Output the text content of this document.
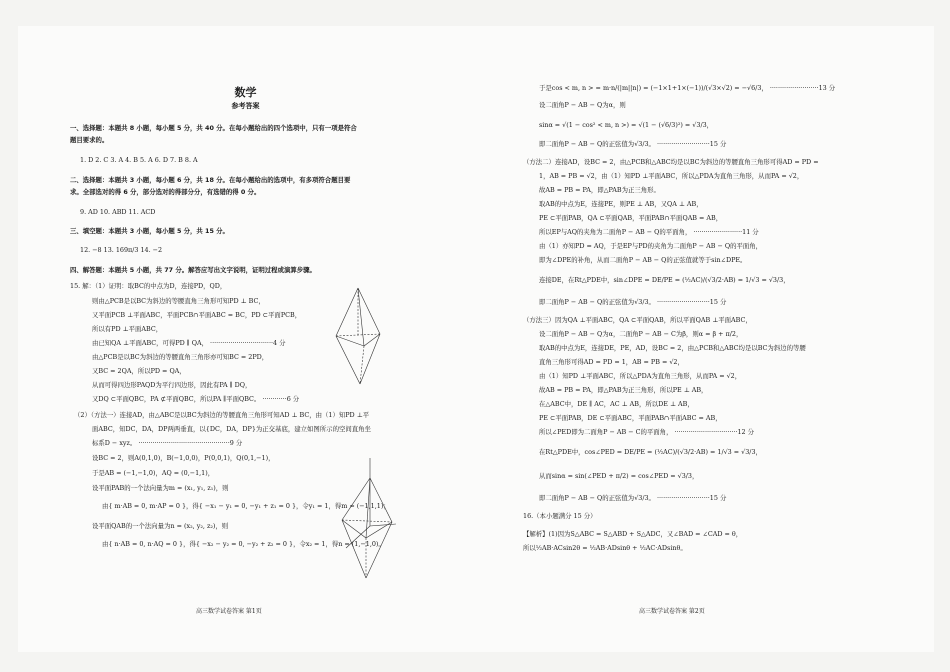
数学
参考答案
一、选择题：本题共 8 小题，每小题 5 分，共 40 分。在每小题给出的四个选项中，只有一项是符合
题目要求的。
1. D 2. C 3. A 4. B 5. A 6. D 7. B 8. A
二、选择题：本题共 3 小题，每小题 6 分，共 18 分。在每小题给出的选项中，有多项符合题目要
求。全部选对的得 6 分，部分选对的得部分分，有选错的得 0 分。
9. AD 10. ABD 11. ACD
三、填空题：本题共 3 小题，每小题 5 分，共 15 分。
12. −8 13. 169π/3 14. −2
四、解答题：本题共 5 小题，共 77 分。解答应写出文字说明，证明过程或演算步骤。
15. 解：（1）证明：取BC的中点为D，连接PD，QD，
则由△PCB是以BC为斜边的等腰直角三角形可知PD ⊥ BC，
又平面PCB ⊥平面ABC，平面PCB∩平面ABC = BC，PD ⊂平面PCB，
所以有PD ⊥平面ABC，
由已知QA ⊥平面ABC，可得PD ∥ QA， ·······························4 分
由△PCB是以BC为斜边的等腰直角三角形亦可知BC = 2PD，
又BC = 2QA，所以PD = QA，
从而可得四边形PAQD为平行四边形，因此有PA ∥ DQ，
又DQ ⊂平面QBC，PA ⊄平面QBC，所以PA ∥平面QBC。 ············6 分
（2）（方法一）连接AD，由△ABC是以BC为斜边的等腰直角三角形可知AD ⊥ BC，由（1）知PD ⊥平
面ABC，知DC，DA，DP两两垂直，以{DC，DA，DP}为正交基底，建立如图所示的空间直角坐
标系D − xyz。 ·············································9 分
设BC = 2，则A(0,1,0)，B(−1,0,0)，P(0,0,1)，Q(0,1,−1)，
于是AB = (−1,−1,0)，AQ = (0,−1,1)，
设平面PAB的一个法向量为m = (x₁, y₁, z₁)，则
由{ m·AB = 0, m·AP = 0 }，得{ −x₁ − y₁ = 0, −y₁ + z₁ = 0 }，令y₁ = 1，得m = (−1,1,1)；
设平面QAB的一个法向量为n = (x₂, y₂, z₂)，则
由{ n·AB = 0, n·AQ = 0 }，得{ −x₂ − y₂ = 0, −y₂ + z₂ = 0 }，令x₂ = 1，得n = (1,−1,0)。
高三数学试卷答案 第1页
于是cos < m, n > = m·n/(|m||n|) = (−1×1+1×(−1))/(√3×√2) = −√6/3， ························13 分
设二面角P − AB − Q为α，则
sinα = √(1 − cos² < m, n >) = √(1 − (√6/3)²) = √3/3，
即二面角P − AB − Q的正弦值为√3/3。 ··························15 分
（方法二）连接AD，设BC = 2，由△PCB和△ABC均是以BC为斜边的等腰直角三角形可得AD = PD =
1，AB = PB = √2，由（1）知PD ⊥平面ABC，所以△PDA为直角三角形，从而PA = √2，
故AB = PB = PA，即△PAB为正三角形。
取AB的中点为E，连接PE，则PE ⊥ AB，又QA ⊥ AB，
PE ⊂平面PAB，QA ⊂平面QAB，平面PAB∩平面QAB = AB，
所以EP与AQ的夹角为二面角P − AB − Q的平面角， ························11 分
由（1）亦知PD = AQ，于是EP与PD的夹角为二面角P − AB − Q的平面角，
即为∠DPE的补角，从而二面角P − AB − Q的正弦值就等于sin∠DPE。
连接DE，在Rt△PDE中，sin∠DPE = DE/PE = (½AC)/(√3/2·AB) = 1/√3 = √3/3，
即二面角P − AB − Q的正弦值为√3/3。 ··························15 分
（方法三）因为QA ⊥平面ABC，QA ⊂平面QAB，所以平面QAB ⊥平面ABC，
设二面角P − AB − Q为α，二面角P − AB − C为β，则α = β + π/2，
取AB的中点为E，连接DE，PE，AD，设BC = 2，由△PCB和△ABC均是以BC为斜边的等腰
直角三角形可得AD = PD = 1，AB = PB = √2，
由（1）知PD ⊥平面ABC，所以△PDA为直角三角形，从而PA = √2，
故AB = PB = PA，即△PAB为正三角形，所以PE ⊥ AB，
在△ABC中，DE ∥ AC，AC ⊥ AB，所以DE ⊥ AB，
PE ⊂平面PAB，DE ⊂平面ABC，平面PAB∩平面ABC = AB，
所以∠PED即为二面角P − AB − C的平面角， ·······························12 分
在Rt△PDE中，cos∠PED = DE/PE = (½AC)/(√3/2·AB) = 1/√3 = √3/3，
从而sinα = sin(∠PED + π/2) = cos∠PED = √3/3，
即二面角P − AB − Q的正弦值为√3/3。 ··························15 分
16.（本小题满分 15 分）
【解析】(1)因为S△ABC = S△ABD + S△ADC，又∠BAD = ∠CAD = θ，
所以½AB·ACsin2θ = ½AB·ADsinθ + ½AC·ADsinθ。
高三数学试卷答案 第2页
